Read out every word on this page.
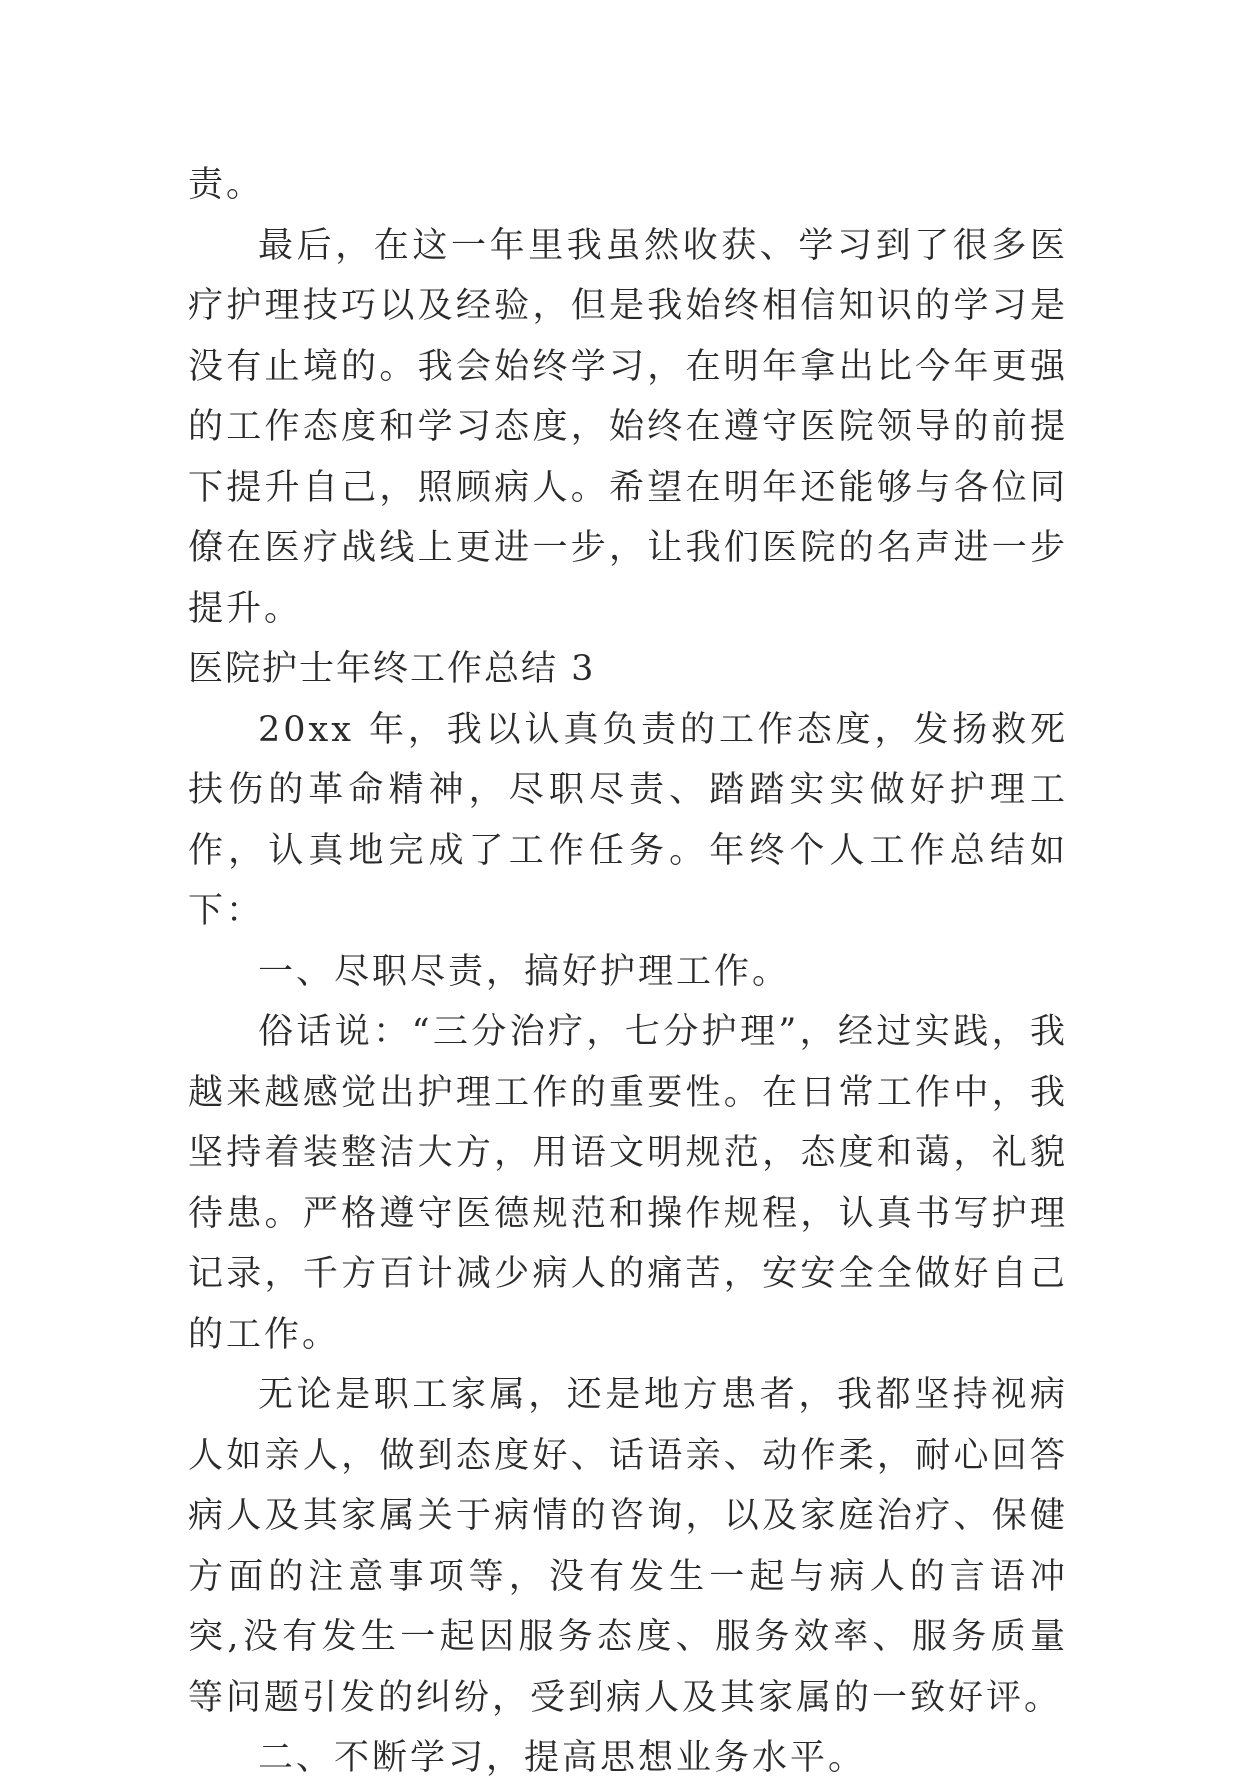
责。

最后，在这一年里我虽然收获、学习到了很多医疗护理技巧以及经验，但是我始终相信知识的学习是没有止境的。我会始终学习，在明年拿出比今年更强的工作态度和学习态度，始终在遵守医院领导的前提下提升自己，照顾病人。希望在明年还能够与各位同僚在医疗战线上更进一步，让我们医院的名声进一步提升。

医院护士年终工作总结 3

20xx 年，我以认真负责的工作态度，发扬救死扶伤的革命精神，尽职尽责、踏踏实实做好护理工作，认真地完成了工作任务。年终个人工作总结如下：

一、尽职尽责，搞好护理工作。

俗话说：“三分治疗，七分护理”，经过实践，我越来越感觉出护理工作的重要性。在日常工作中，我坚持着装整洁大方，用语文明规范，态度和蔼，礼貌待患。严格遵守医德规范和操作规程，认真书写护理记录，千方百计减少病人的痛苦，安安全全做好自己的工作。

无论是职工家属，还是地方患者，我都坚持视病人如亲人，做到态度好、话语亲、动作柔，耐心回答病人及其家属关于病情的咨询，以及家庭治疗、保健方面的注意事项等，没有发生一起与病人的言语冲突,没有发生一起因服务态度、服务效率、服务质量等问题引发的纠纷，受到病人及其家属的一致好评。

二、不断学习，提高思想业务水平。
